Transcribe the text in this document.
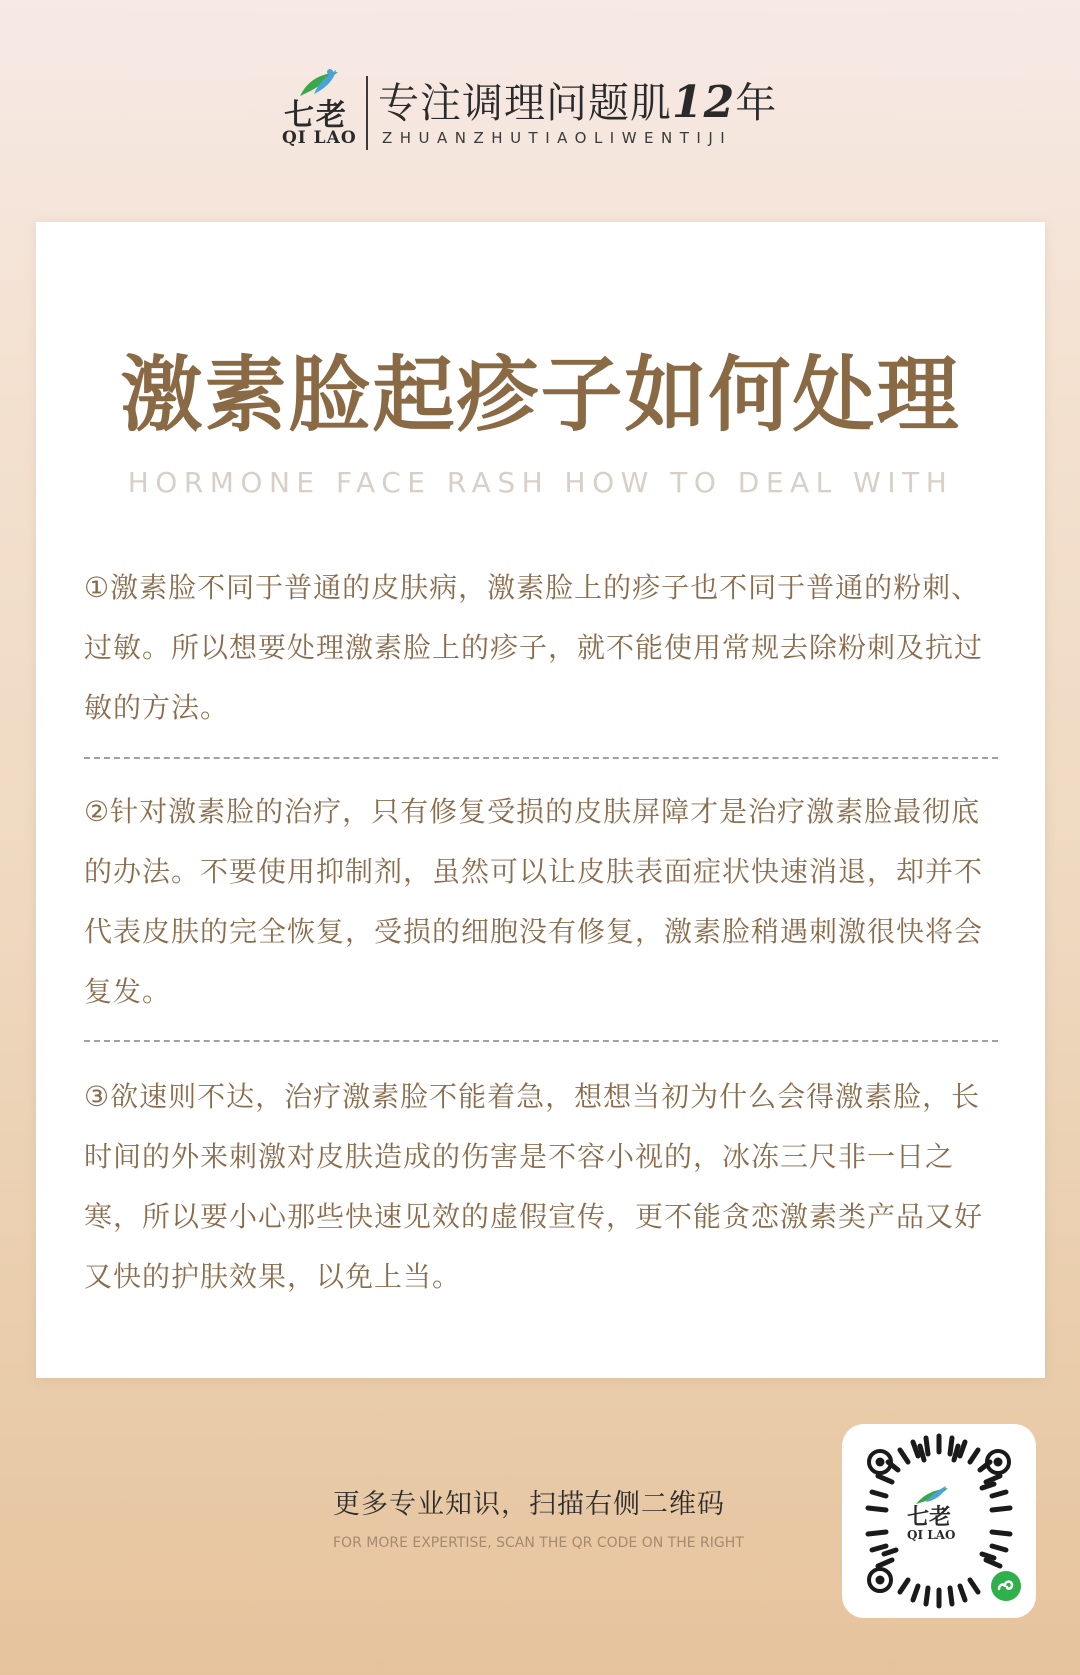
七老
QI LAO
专注调理问题肌12年
ZHUANZHUTIAOLIWENTIJI
激素脸起疹子如何处理
HORMONE FACE RASH HOW TO DEAL WITH

①激素脸不同于普通的皮肤病，激素脸上的疹子也不同于普通的粉刺、过敏。所以想要处理激素脸上的疹子，就不能使用常规去除粉刺及抗过敏的方法。

②针对激素脸的治疗，只有修复受损的皮肤屏障才是治疗激素脸最彻底的办法。不要使用抑制剂，虽然可以让皮肤表面症状快速消退，却并不代表皮肤的完全恢复，受损的细胞没有修复，激素脸稍遇刺激很快将会复发。

③欲速则不达，治疗激素脸不能着急，想想当初为什么会得激素脸，长时间的外来刺激对皮肤造成的伤害是不容小视的，冰冻三尺非一日之寒，所以要小心那些快速见效的虚假宣传，更不能贪恋激素类产品又好又快的护肤效果，以免上当。

更多专业知识，扫描右侧二维码
FOR MORE EXPERTISE, SCAN THE QR CODE ON THE RIGHT
七老
QI LAO
